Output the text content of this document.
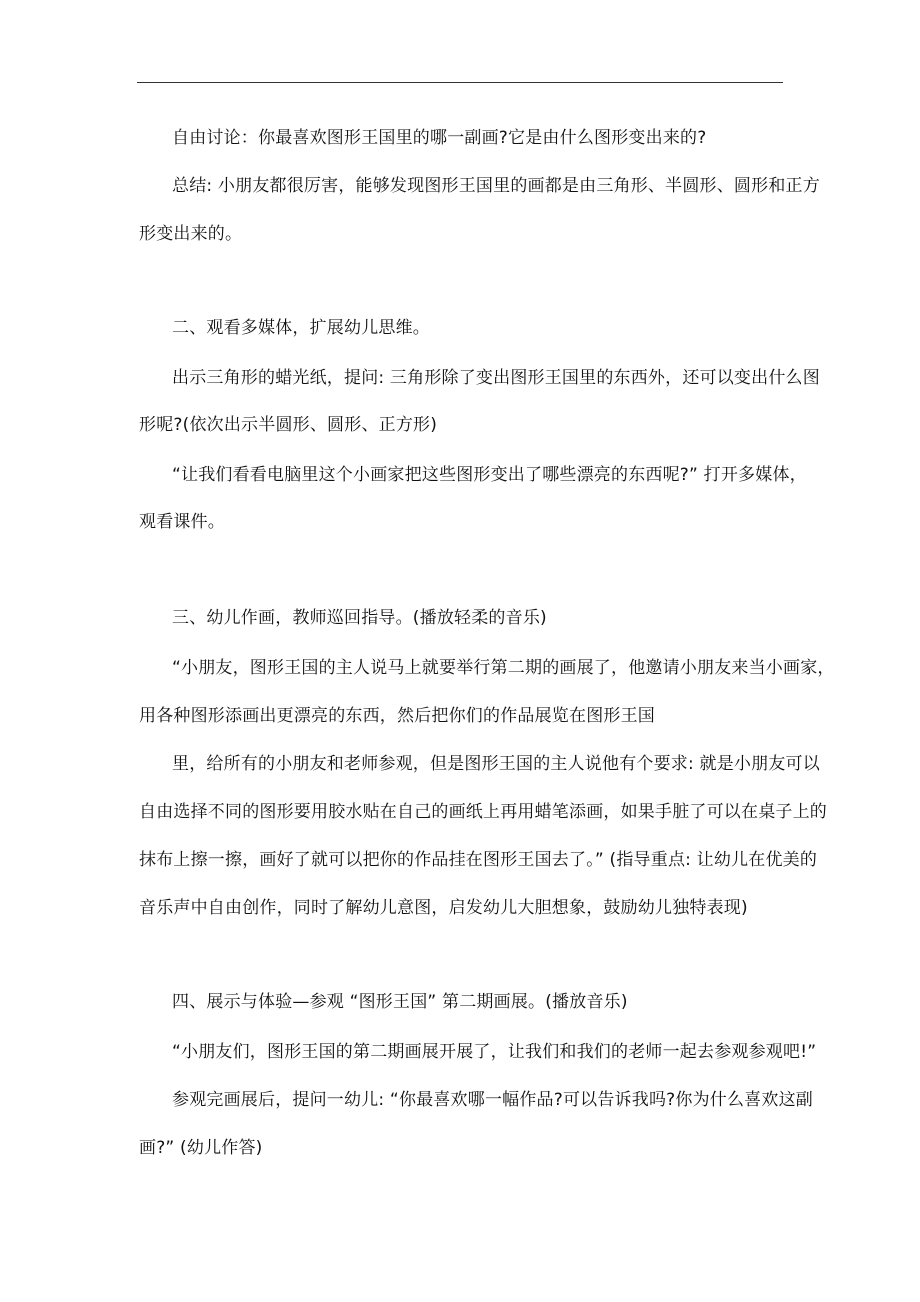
自由讨论：你最喜欢图形王国里的哪一副画?它是由什么图形变出来的?
总结: 小朋友都很厉害，能够发现图形王国里的画都是由三角形、半圆形、圆形和正方
形变出来的。
二、观看多媒体，扩展幼儿思维。
出示三角形的蜡光纸，提问: 三角形除了变出图形王国里的东西外，还可以变出什么图
形呢?(依次出示半圆形、圆形、正方形)
“让我们看看电脑里这个小画家把这些图形变出了哪些漂亮的东西呢?” 打开多媒体，
观看课件。
三、幼儿作画，教师巡回指导。(播放轻柔的音乐)
“小朋友，图形王国的主人说马上就要举行第二期的画展了，他邀请小朋友来当小画家，
用各种图形添画出更漂亮的东西，然后把你们的作品展览在图形王国
里，给所有的小朋友和老师参观，但是图形王国的主人说他有个要求: 就是小朋友可以
自由选择不同的图形要用胶水贴在自己的画纸上再用蜡笔添画，如果手脏了可以在桌子上的
抹布上擦一擦，画好了就可以把你的作品挂在图形王国去了。” (指导重点: 让幼儿在优美的
音乐声中自由创作，同时了解幼儿意图，启发幼儿大胆想象，鼓励幼儿独特表现)
四、展示与体验—参观 “图形王国” 第二期画展。(播放音乐)
“小朋友们，图形王国的第二期画展开展了，让我们和我们的老师一起去参观参观吧!”
参观完画展后，提问一幼儿: “你最喜欢哪一幅作品?可以告诉我吗?你为什么喜欢这副
画?” (幼儿作答)
